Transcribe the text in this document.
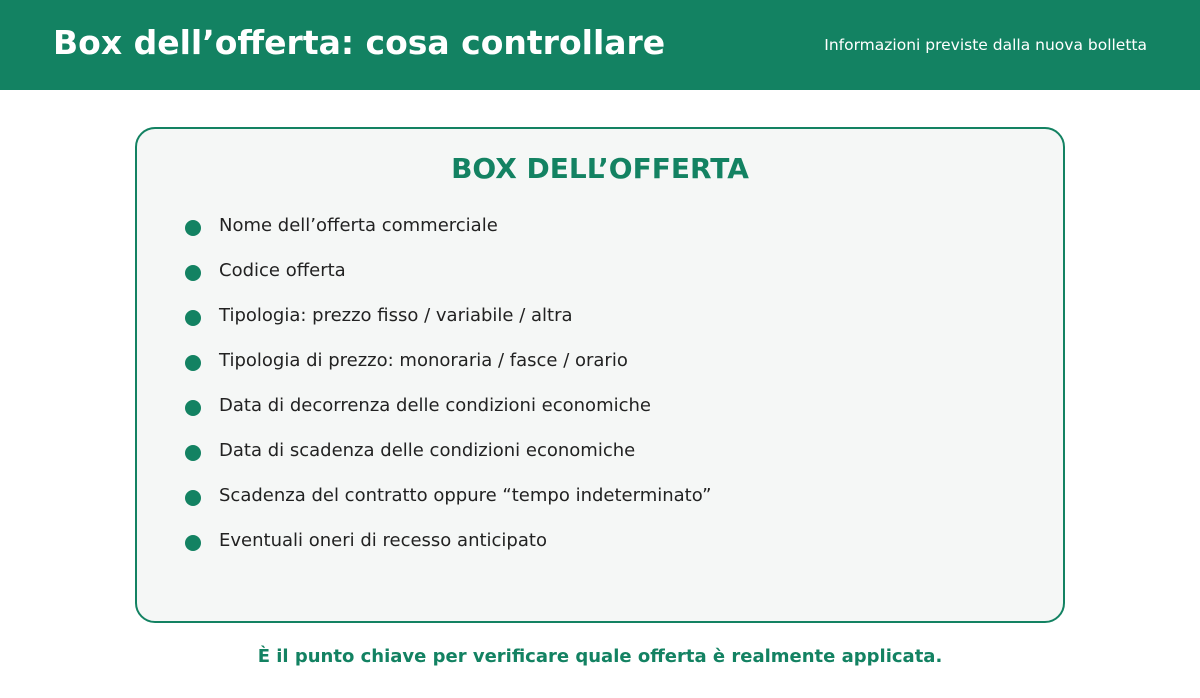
Box dell’offerta: cosa controllare	Informazioni previste dalla nuova bolletta
BOX DELL’OFFERTA
Nome dell’offerta commerciale
Codice offerta
Tipologia: prezzo fisso / variabile / altra
Tipologia di prezzo: monoraria / fasce / orario
Data di decorrenza delle condizioni economiche
Data di scadenza delle condizioni economiche
Scadenza del contratto oppure “tempo indeterminato”
Eventuali oneri di recesso anticipato
È il punto chiave per verificare quale offerta è realmente applicata.
